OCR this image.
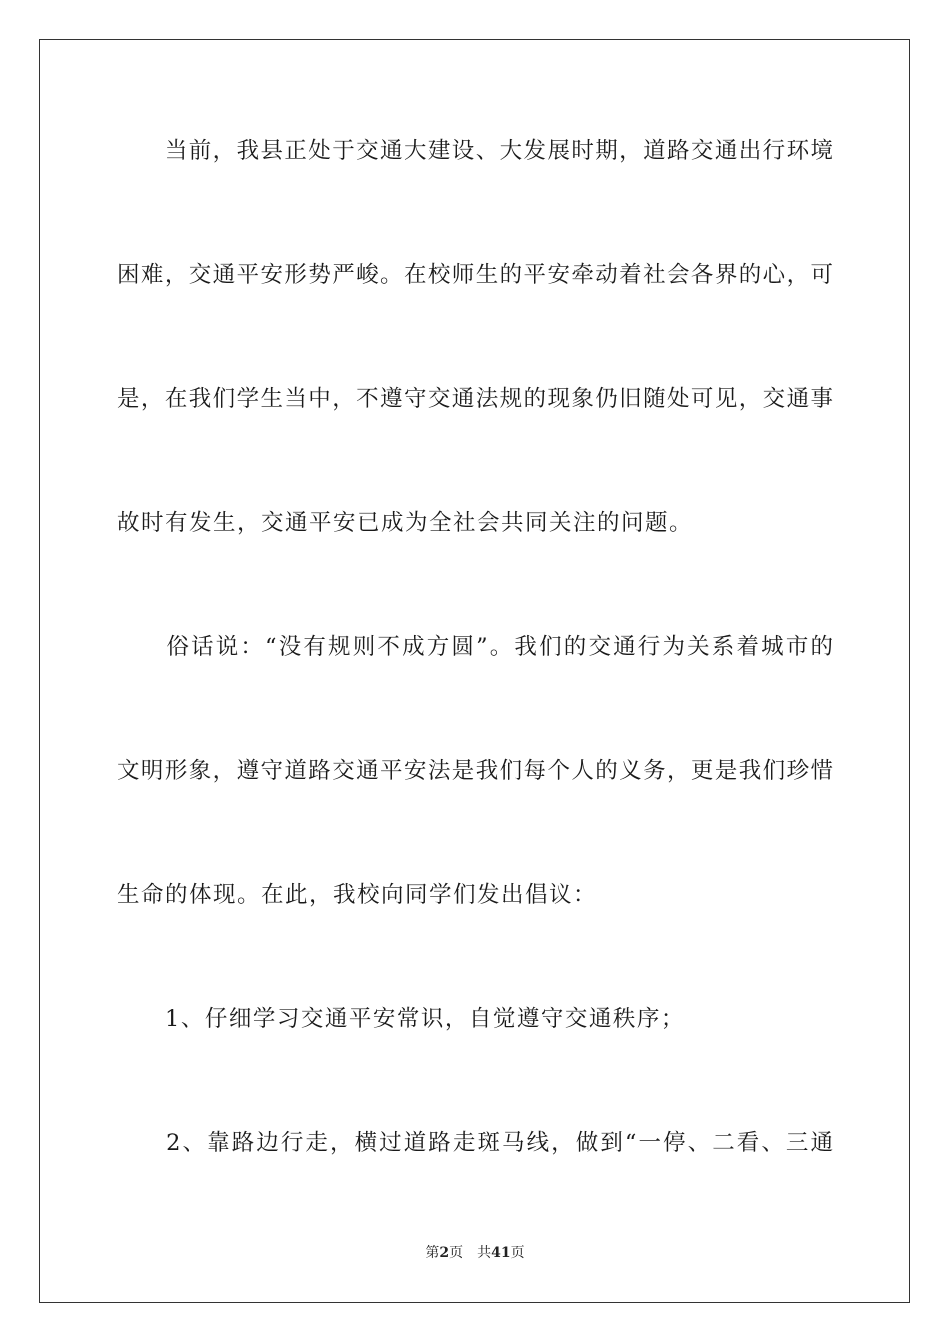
　　当前，我县正处于交通大建设、大发展时期，道路交通出行环境
困难，交通平安形势严峻。在校师生的平安牵动着社会各界的心，可
是，在我们学生当中，不遵守交通法规的现象仍旧随处可见，交通事
故时有发生，交通平安已成为全社会共同关注的问题。
　　俗话说：“没有规则不成方圆”。我们的交通行为关系着城市的
文明形象，遵守道路交通平安法是我们每个人的义务，更是我们珍惜
生命的体现。在此，我校向同学们发出倡议：
　　1、仔细学习交通平安常识，自觉遵守交通秩序；
　　2、靠路边行走，横过道路走斑马线，做到“一停、二看、三通
第2页 共41页
